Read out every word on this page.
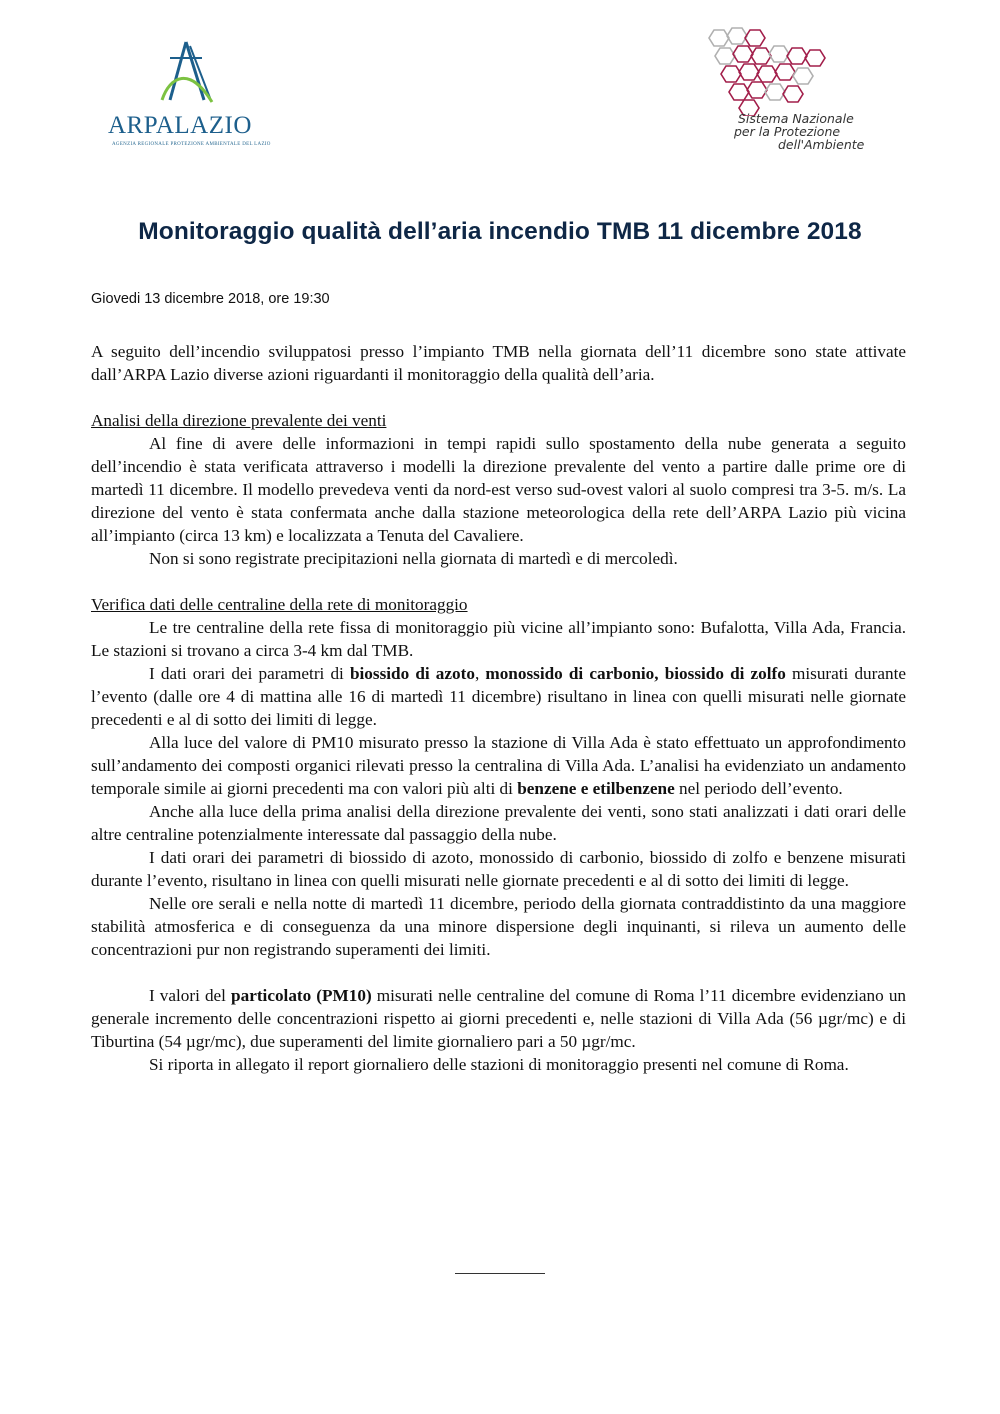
ARPALAZIO
AGENZIA REGIONALE PROTEZIONE AMBIENTALE DEL LAZIO
Sistema Nazionale
per la Protezione
dell'Ambiente
Monitoraggio qualità dell’aria incendio TMB 11 dicembre 2018
Giovedi 13 dicembre 2018, ore 19:30

A seguito dell’incendio sviluppatosi presso l’impianto TMB nella giornata dell’11 dicembre sono state attivate dall’ARPA Lazio diverse azioni riguardanti il monitoraggio della qualità dell’aria.

Analisi della direzione prevalente dei venti

Al fine di avere delle informazioni in tempi rapidi sullo spostamento della nube generata a seguito dell’incendio è stata verificata attraverso i modelli la direzione prevalente del vento a partire dalle prime ore di martedì 11 dicembre. Il modello prevedeva venti da nord-est verso sud-ovest valori al suolo compresi tra 3-5. m/s. La direzione del vento è stata confermata anche dalla stazione meteorologica della rete dell’ARPA Lazio più vicina all’impianto (circa 13 km) e localizzata a Tenuta del Cavaliere.

Non si sono registrate precipitazioni nella giornata di martedì e di mercoledì.

Verifica dati delle centraline della rete di monitoraggio

Le tre centraline della rete fissa di monitoraggio più vicine all’impianto sono: Bufalotta, Villa Ada, Francia. Le stazioni si trovano a circa 3-4 km dal TMB.

I dati orari dei parametri di biossido di azoto, monossido di carbonio, biossido di zolfo misurati durante l’evento (dalle ore 4 di mattina alle 16 di martedì 11 dicembre) risultano in linea con quelli misurati nelle giornate precedenti e al di sotto dei limiti di legge.

Alla luce del valore di PM10 misurato presso la stazione di Villa Ada è stato effettuato un approfondimento sull’andamento dei composti organici rilevati presso la centralina di Villa Ada. L’analisi ha evidenziato un andamento temporale simile ai giorni precedenti ma con valori più alti di benzene e etilbenzene nel periodo dell’evento.

Anche alla luce della prima analisi della direzione prevalente dei venti, sono stati analizzati i dati orari delle altre centraline potenzialmente interessate dal passaggio della nube.

I dati orari dei parametri di biossido di azoto, monossido di carbonio, biossido di zolfo e benzene misurati durante l’evento, risultano in linea con quelli misurati nelle giornate precedenti e al di sotto dei limiti di legge.

Nelle ore serali e nella notte di martedì 11 dicembre, periodo della giornata contraddistinto da una maggiore stabilità atmosferica e di conseguenza da una minore dispersione degli inquinanti, si rileva un aumento delle concentrazioni pur non registrando superamenti dei limiti.

I valori del particolato (PM10) misurati nelle centraline del comune di Roma l’11 dicembre evidenziano un generale incremento delle concentrazioni rispetto ai giorni precedenti e, nelle stazioni di Villa Ada (56 µgr/mc) e di Tiburtina (54 µgr/mc), due superamenti del limite giornaliero pari a 50 µgr/mc.

Si riporta in allegato il report giornaliero delle stazioni di monitoraggio presenti nel comune di Roma.
